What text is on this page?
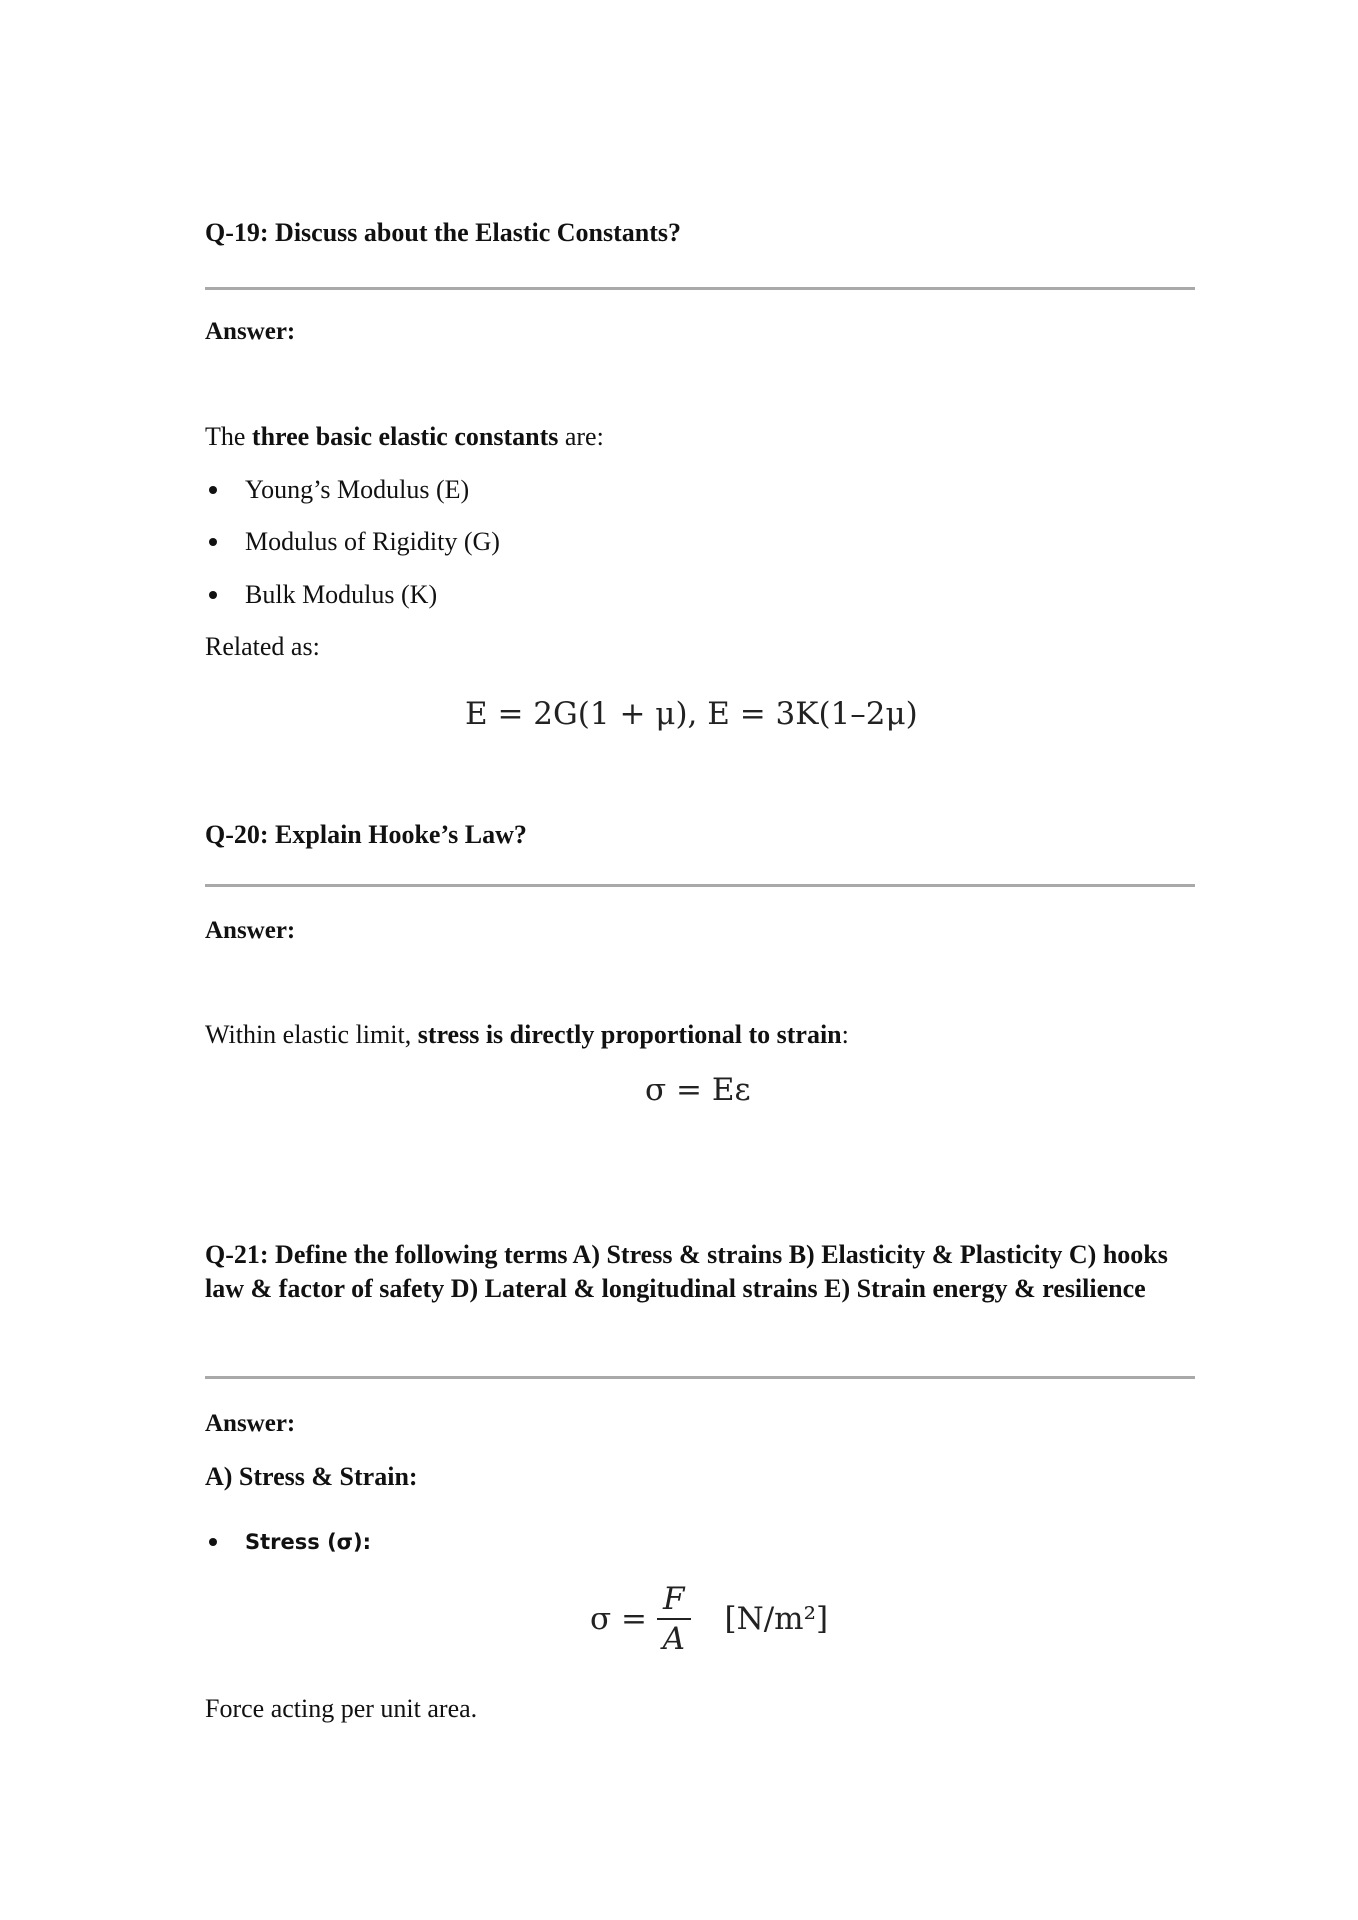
Q-19: Discuss about the Elastic Constants?
Answer:
The three basic elastic constants are:
Young’s Modulus (E)
Modulus of Rigidity (G)
Bulk Modulus (K)
Related as:
E = 2G(1 + μ), E = 3K(1–2μ)
Q-20: Explain Hooke’s Law?
Answer:
Within elastic limit, stress is directly proportional to strain:
σ = Eε
Q-21: Define the following terms A) Stress & strains B) Elasticity & Plasticity C) hooks law & factor of safety D) Lateral & longitudinal strains E) Strain energy & resilience
Answer:
A) Stress & Strain:
Stress (σ):
$\sigma = \frac{F}{A} [N/m^2]$
Force acting per unit area.
